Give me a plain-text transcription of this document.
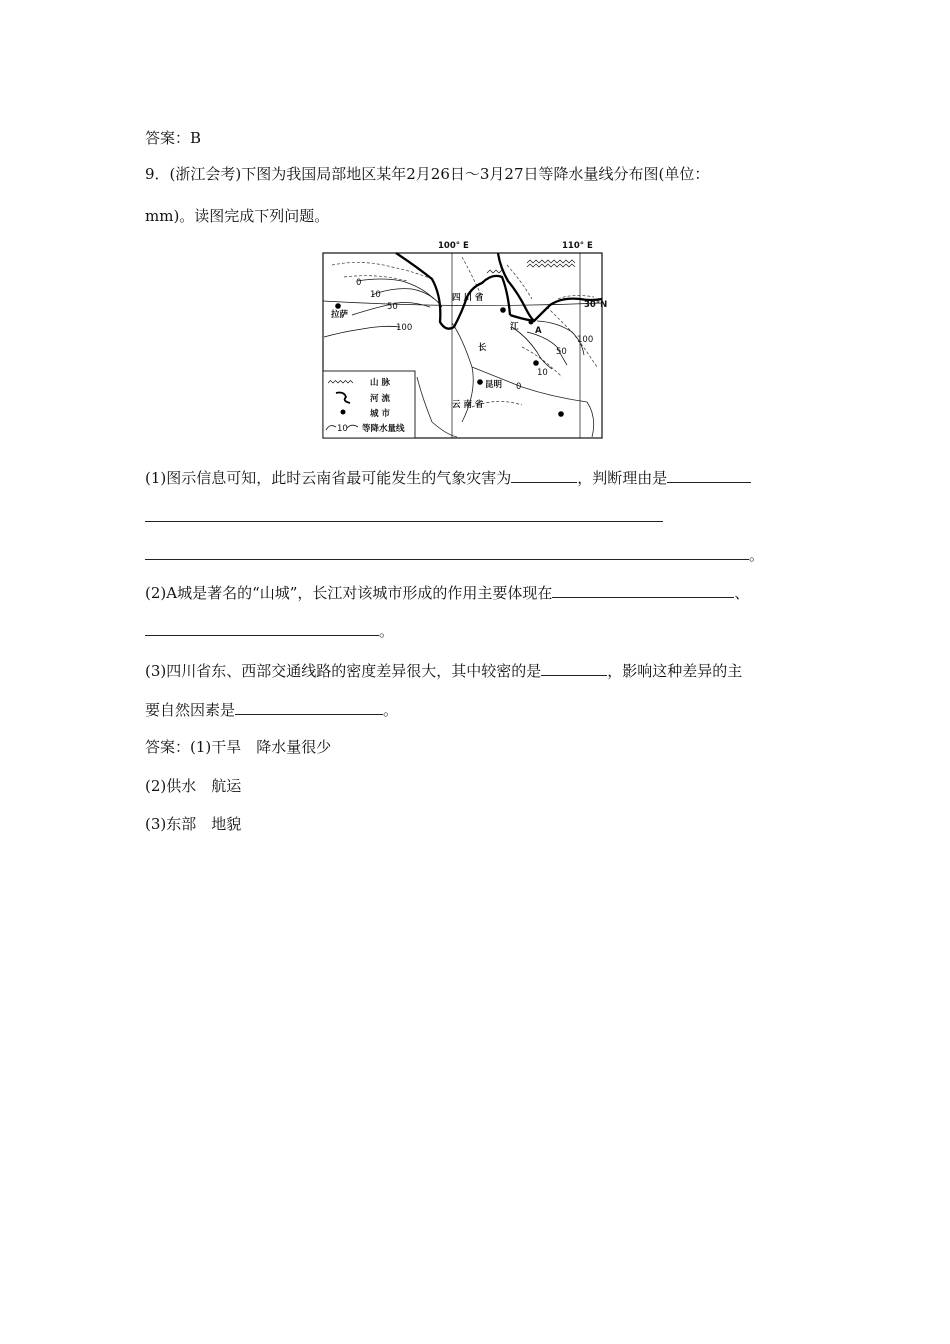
答案：B
9．(浙江会考)下图为我国局部地区某年2月26日～3月27日等降水量线分布图(单位：
mm)。读图完成下列问题。
100° E	110° E
30°N
0
10
50
100
100
50
10
0
拉萨
四 川 省
A
江
长
昆明
云 南 省
山 脉
河 流
城 市
10 等降水量线
(1)图示信息可知，此时云南省最可能发生的气象灾害为	，判断理由是
。
(2)A城是著名的“山城”，长江对该城市形成的作用主要体现在	、
。
(3)四川省东、西部交通线路的密度差异很大，其中较密的是	，影响这种差异的主
要自然因素是	。
答案：(1)干旱　降水量很少
(2)供水　航运
(3)东部　地貌
